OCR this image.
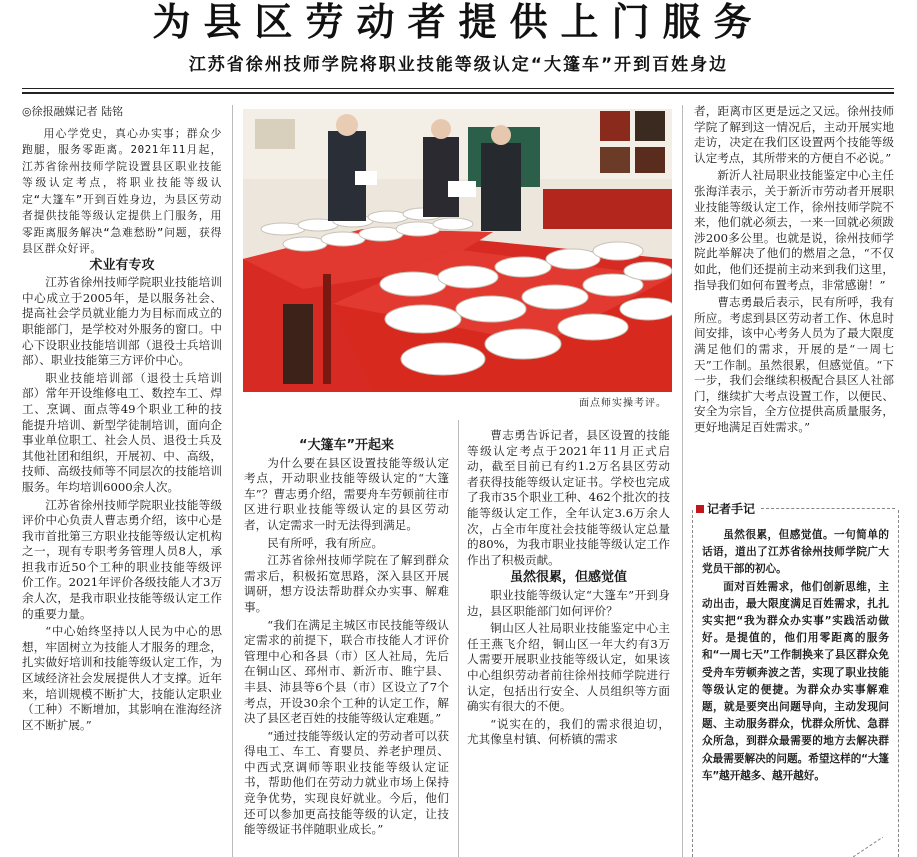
为县区劳动者提供上门服务
江苏省徐州技师学院将职业技能等级认定“大篷车”开到百姓身边
◎徐报融媒记者 陆铭

用心学党史，真心办实事；群众少跑腿，服务零距离。2021年11月起，江苏省徐州技师学院设置县区职业技能等级认定考点，将职业技能等级认定“大篷车”开到百姓身边，为县区劳动者提供技能等级认定提供上门服务，用零距离服务解决“急难愁盼”问题，获得县区群众好评。

术业有专攻

江苏省徐州技师学院职业技能培训中心成立于2005年，是以服务社会、提高社会学员就业能力为目标而成立的职能部门，是学校对外服务的窗口。中心下设职业技能培训部（退役士兵培训部）、职业技能第三方评价中心。

职业技能培训部（退役士兵培训部）常年开设维修电工、数控车工、焊工、烹调、面点等49个职业工种的技能提升培训、新型学徒制培训，面向企事业单位职工、社会人员、退役士兵及其他社团和组织，开展初、中、高级，技师、高级技师等不同层次的技能培训服务。年均培训6000余人次。

江苏省徐州技师学院职业技能等级评价中心负责人曹志勇介绍，该中心是我市首批第三方职业技能等级认定机构之一，现有专职考务管理人员8人，承担我市近50个工种的职业技能等级评价工作。2021年评价各级技能人才3万余人次，是我市职业技能等级认定工作的重要力量。

“中心始终坚持以人民为中心的思想，牢固树立为技能人才服务的理念，扎实做好培训和技能等级认定工作，为区域经济社会发展提供人才支撑。近年来，培训规模不断扩大，技能认定职业（工种）不断增加，其影响在淮海经济区不断扩展。”

面点师实操考评。

“大篷车”开起来

为什么要在县区设置技能等级认定考点，开动职业技能等级认定的“大篷车”？曹志勇介绍，需要舟车劳顿前往市区进行职业技能等级认定的县区劳动者，认定需求一时无法得到满足。

民有所呼，我有所应。

江苏省徐州技师学院在了解到群众需求后，积极拓宽思路，深入县区开展调研，想方设法帮助群众办实事、解难事。

“我们在满足主城区市民技能等级认定需求的前提下，联合市技能人才评价管理中心和各县（市）区人社局，先后在铜山区、邳州市、新沂市、睢宁县、丰县、沛县等6个县（市）区设立了7个考点，开设30余个工种的认定工作，解决了县区老百姓的技能等级认定难题。”

“通过技能等级认定的劳动者可以获得电工、车工、育婴员、养老护理员、中西式烹调师等职业技能等级认定证书，帮助他们在劳动力就业市场上保持竞争优势，实现良好就业。今后，他们还可以参加更高技能等级的认定，让技能等级证书伴随职业成长。”

曹志勇告诉记者，县区设置的技能等级认定考点于2021年11月正式启动，截至目前已有约1.2万名县区劳动者获得技能等级认定证书。学校也完成了我市35个职业工种、462个批次的技能等级认定工作，全年认定3.6万余人次，占全市年度社会技能等级认定总量的80%，为我市职业技能等级认定工作作出了积极贡献。

虽然很累，但感觉值

职业技能等级认定“大篷车”开到身边，县区职能部门如何评价？

铜山区人社局职业技能鉴定中心主任王燕飞介绍，铜山区一年大约有3万人需要开展职业技能等级认定，如果该中心组织劳动者前往徐州技师学院进行认定，包括出行安全、人员组织等方面确实有很大的不便。

“说实在的，我们的需求很迫切，尤其像皇村镇、何桥镇的需求

者，距离市区更是远之又远。徐州技师学院了解到这一情况后，主动开展实地走访，决定在我们区设置两个技能等级认定考点，其所带来的方便自不必说。”

新沂人社局职业技能鉴定中心主任张海洋表示，关于新沂市劳动者开展职业技能等级认定工作，徐州技师学院不来，他们就必须去，一来一回就必须跋涉200多公里。也就是说，徐州技师学院此举解决了他们的燃眉之急，“不仅如此，他们还提前主动来到我们这里，指导我们如何布置考点，非常感谢！”

曹志勇最后表示，民有所呼，我有所应。考虑到县区劳动者工作、休息时间安排，该中心考务人员为了最大限度满足他们的需求，开展的是“一周七天”工作制。虽然很累，但感觉值。“下一步，我们会继续积极配合县区人社部门，继续扩大考点设置工作，以便民、安全为宗旨，全方位提供高质量服务，更好地满足百姓需求。”

记者手记

虽然很累，但感觉值。一句简单的话语，道出了江苏省徐州技师学院广大党员干部的初心。

面对百姓需求，他们创新思维，主动出击，最大限度满足百姓需求，扎扎实实把“我为群众办实事”实践活动做好。是提值的，他们用零距离的服务和“一周七天”工作制换来了县区群众免受舟车劳顿奔波之苦，实现了职业技能等级认定的便捷。为群众办实事解难题，就是要突出问题导向，主动发现问题、主动服务群众，忧群众所忧、急群众所急，到群众最需要的地方去解决群众最需要解决的问题。希望这样的“大篷车”越开越多、越开越好。
